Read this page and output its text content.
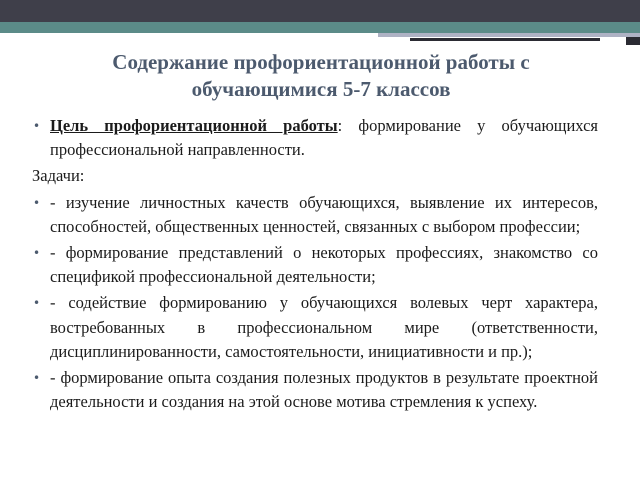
Содержание профориентационной работы с обучающимися 5-7 классов

• Цель профориентационной работы: формирование у обучающихся профессиональной направленности.

Задачи:

• - изучение личностных качеств обучающихся, выявление их интересов, способностей, общественных ценностей, связанных с выбором профессии;

• - формирование представлений о некоторых профессиях, знакомство со спецификой профессиональной деятельности;

• - содействие формированию у обучающихся волевых черт характера, востребованных в профессиональном мире (ответственности, дисциплинированности, самостоятельности, инициативности и пр.);

• - формирование опыта создания полезных продуктов в результате проектной деятельности и создания на этой основе мотива стремления к успеху.
